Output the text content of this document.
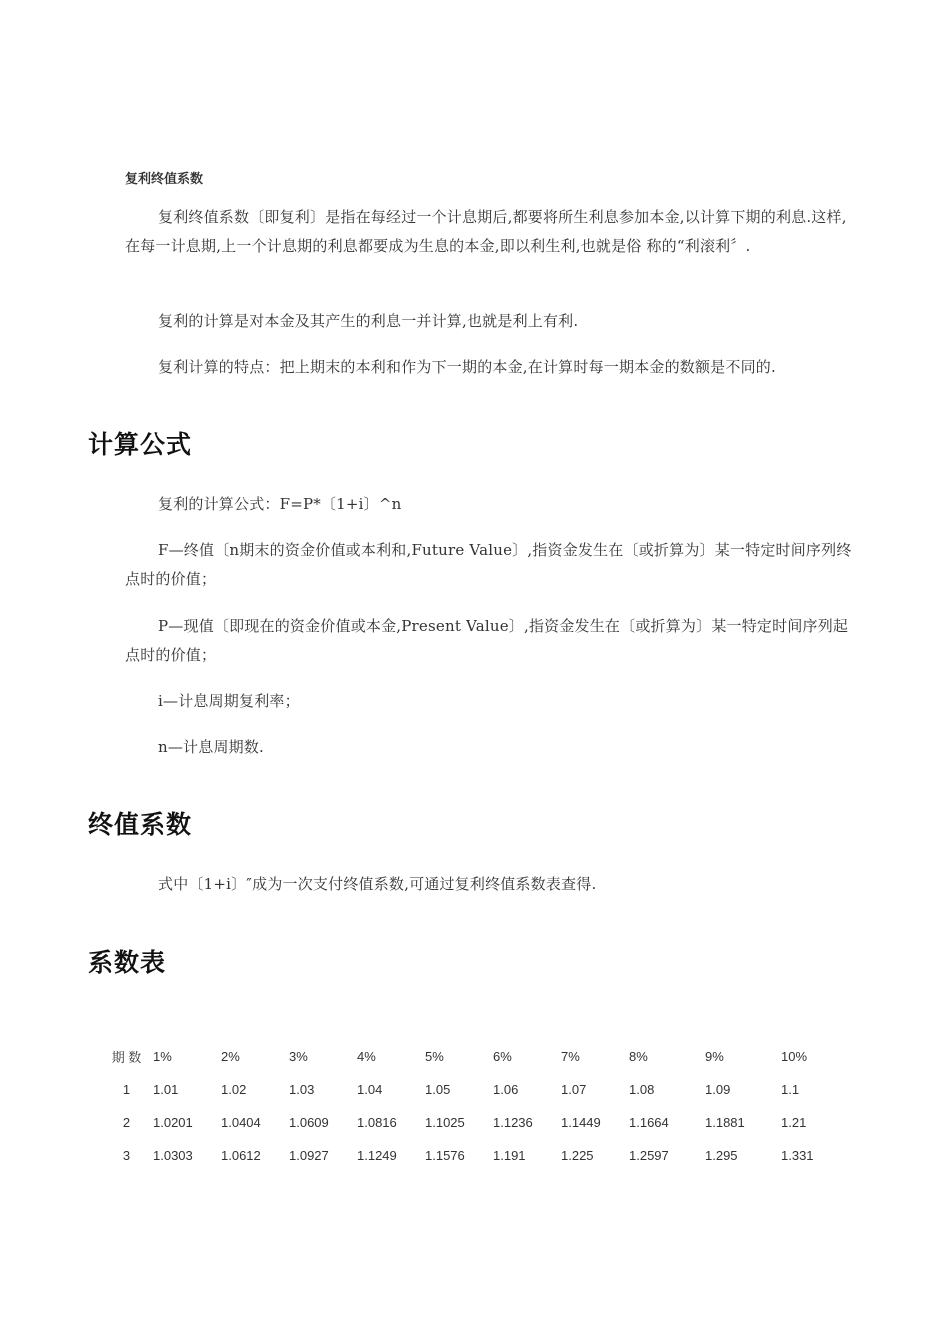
复利终值系数

复利终值系数〔即复利〕是指在每经过一个计息期后,都要将所生利息参加本金,以计算下期的利息.这样,在每一计息期,上一个计息期的利息都要成为生息的本金,即以利生利,也就是俗 称的“利滚利〞.

复利的计算是对本金及其产生的利息一并计算,也就是利上有利.

复利计算的特点：把上期末的本利和作为下一期的本金,在计算时每一期本金的数额是不同的.

计算公式

复利的计算公式：F=P*〔1+i〕^n

F—终值〔n期末的资金价值或本利和,Future Value〕,指资金发生在〔或折算为〕某一特定时间序列终点时的价值；

P—现值〔即现在的资金价值或本金,Present Value〕,指资金发生在〔或折算为〕某一特定时间序列起点时的价值；

i—计息周期复利率；

n—计息周期数.

终值系数

式中〔1+i〕″成为一次支付终值系数,可通过复利终值系数表查得.

系数表
期 数	1%	2%	3%	4%	5%	6%	7%	8%	9%	10%
1	1.01	1.02	1.03	1.04	1.05	1.06	1.07	1.08	1.09	1.1
2	1.0201	1.0404	1.0609	1.0816	1.1025	1.1236	1.1449	1.1664	1.1881	1.21
3	1.0303	1.0612	1.0927	1.1249	1.1576	1.191	1.225	1.2597	1.295	1.331
